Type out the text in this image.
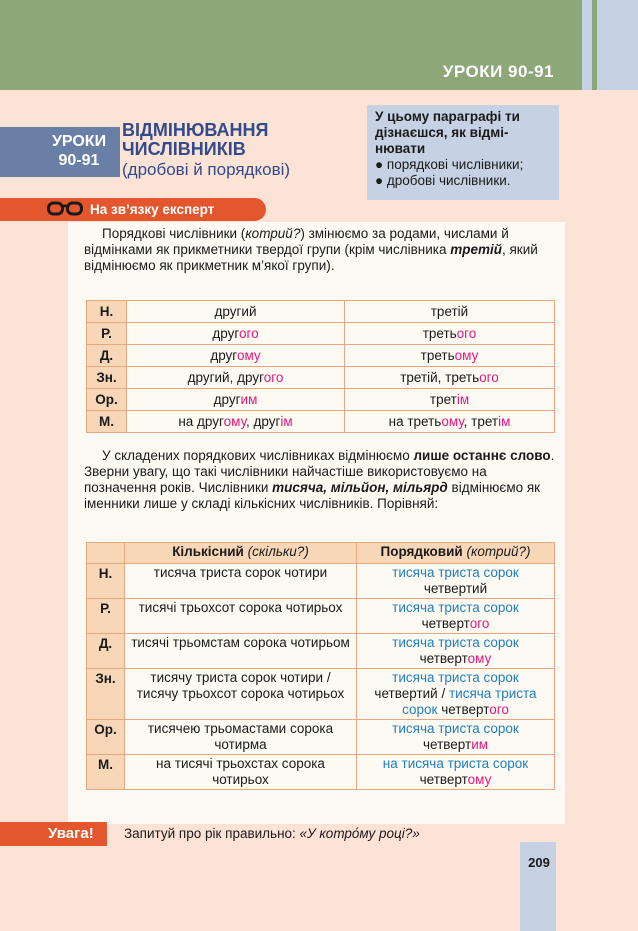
УРОКИ 90-91
УРОКИ
90-91
ВІДМІНЮВАННЯ
ЧИСЛІВНИКІВ
(дробові й порядкові)
У цьому параграфі ти дізнаєшся, як відмі-нювати
● порядкові числівники;
● дробові числівники.
На зв’язку експерт
Порядкові числівники (котрий?) змінюємо за родами, числами й відмінками як прикметники твердої групи (крім числівника третій, який відмінюємо як прикметник м’якої групи).
Н.	другий	третій
Р.	другого	третього
Д.	другому	третьому
Зн.	другий, другого	третій, третього
Ор.	другим	третім
М.	на другому, другім	на третьому, третім
У складених порядкових числівниках відмінюємо лише останнє слово. Зверни увагу, що такі числівники найчастіше використовуємо на позначення років. Числівники тисяча, мільйон, мільярд відмінюємо як іменники лише у складі кількісних числівників. Порівняй:
	Кількісний (скільки?)	Порядковий (котрий?)
Н.	тисяча триста сорок чотири	тисяча триста сорок четвертий
Р.	тисячі трьохсот сорока чотирьох	тисяча триста сорок четвертого
Д.	тисячі трьомстам сорока чотирьом	тисяча триста сорок четвертому
Зн.	тисячу триста сорок чотири / тисячу трьохсот сорока чотирьох	тисяча триста сорок четвертий / тисяча триста сорок четвертого
Ор.	тисячею трьомастами сорока чотирма	тисяча триста сорок четвертим
М.	на тисячі трьохстах сорока чотирьох	на тисяча триста сорок четвертому
Увага! Запитуй про рік правильно: «У котро́му році?»
209
